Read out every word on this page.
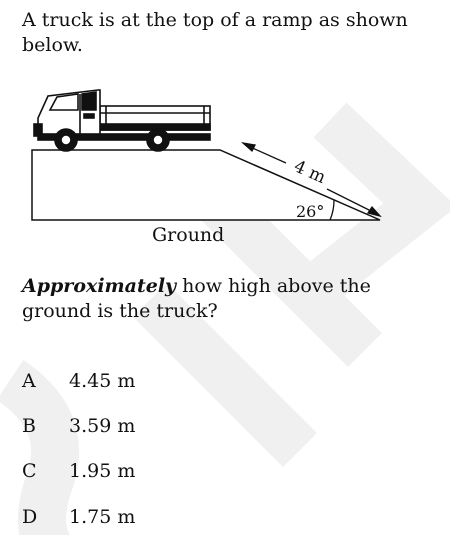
A truck is at the top of a ramp as shown below.
4 m
26°
Ground
Approximately how high above the ground is the truck?
A	4.45 m
B	3.59 m
C	1.95 m
D	1.75 m
